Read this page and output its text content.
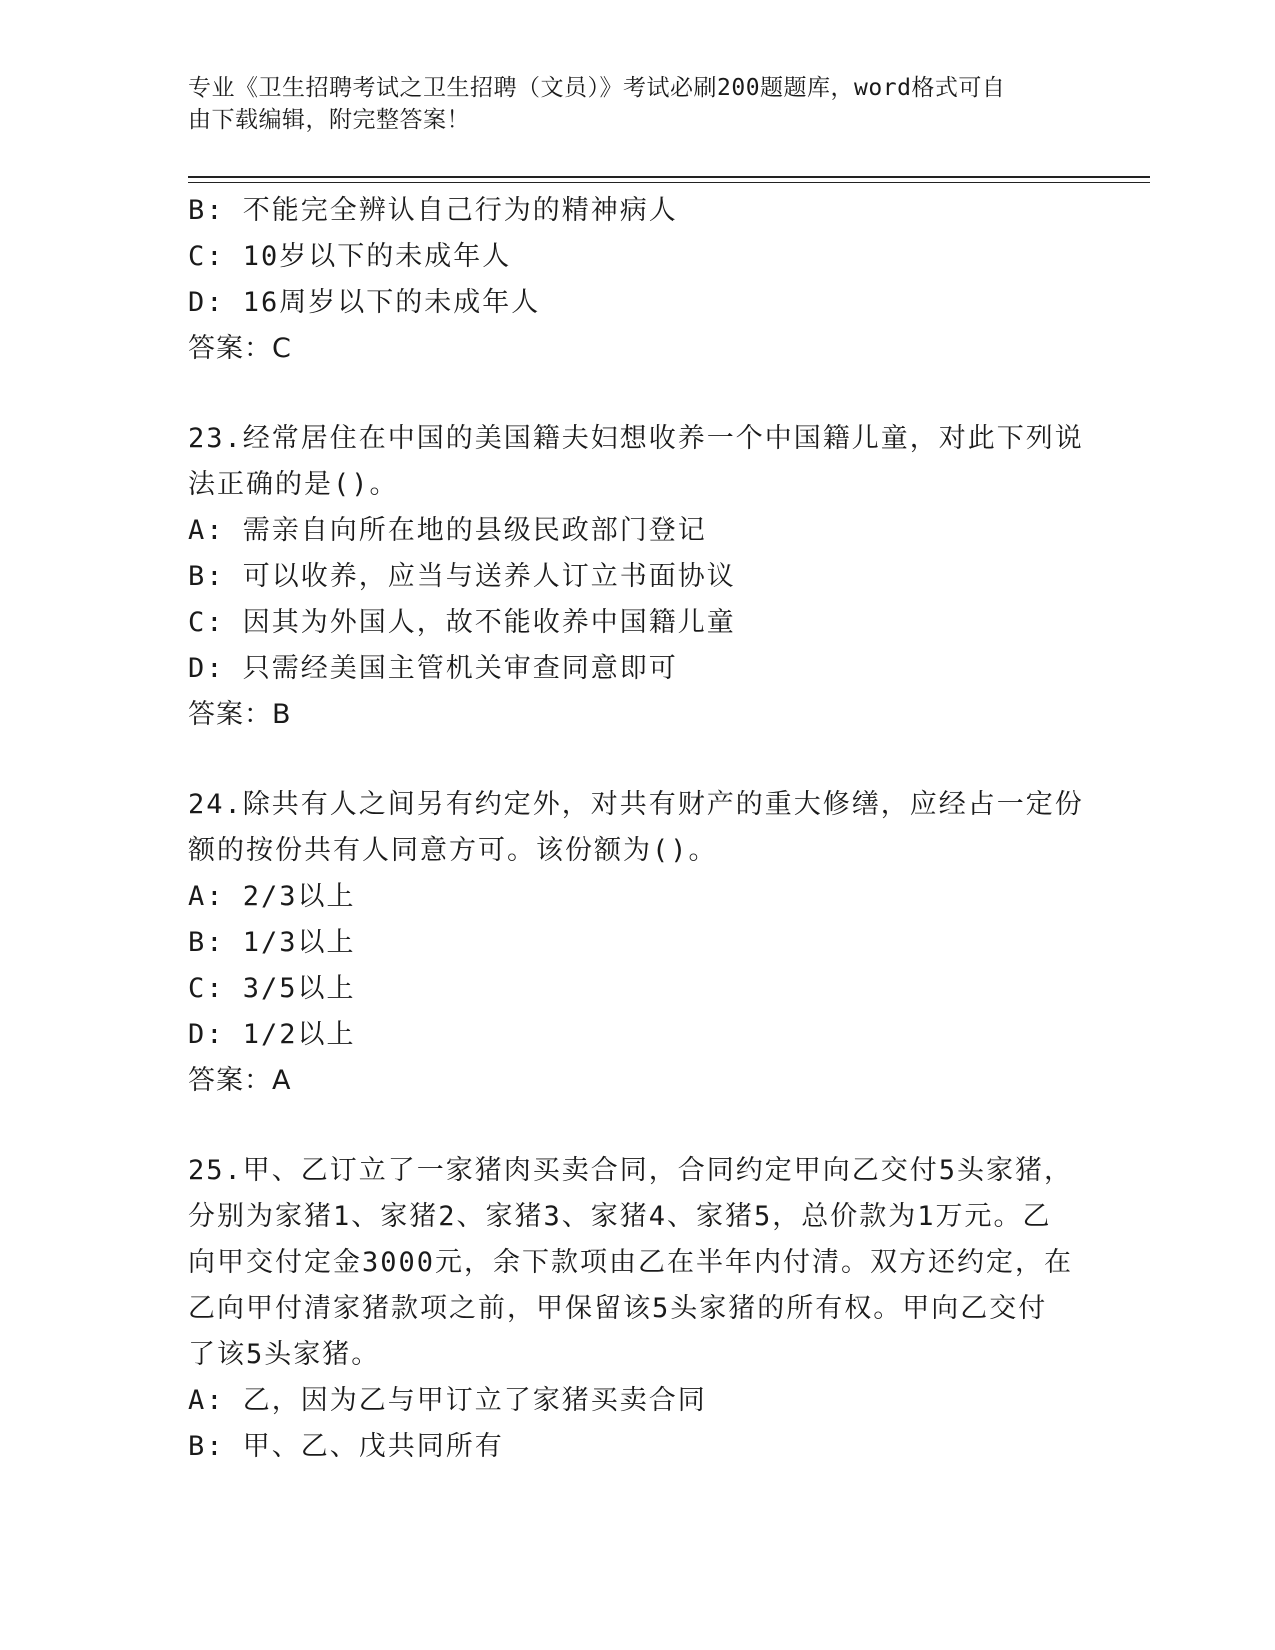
专业《卫生招聘考试之卫生招聘（文员）》考试必刷200题题库，word格式可自
由下载编辑，附完整答案！
B: 不能完全辨认自己行为的精神病人
C: 10岁以下的未成年人
D: 16周岁以下的未成年人
答案：C
23.经常居住在中国的美国籍夫妇想收养一个中国籍儿童，对此下列说
法正确的是()。
A: 需亲自向所在地的县级民政部门登记
B: 可以收养，应当与送养人订立书面协议
C: 因其为外国人，故不能收养中国籍儿童
D: 只需经美国主管机关审查同意即可
答案：B
24.除共有人之间另有约定外，对共有财产的重大修缮，应经占一定份
额的按份共有人同意方可。该份额为()。
A: 2/3以上
B: 1/3以上
C: 3/5以上
D: 1/2以上
答案：A
25.甲、乙订立了一家猪肉买卖合同，合同约定甲向乙交付5头家猪，
分别为家猪1、家猪2、家猪3、家猪4、家猪5，总价款为1万元。乙
向甲交付定金3000元，余下款项由乙在半年内付清。双方还约定，在
乙向甲付清家猪款项之前，甲保留该5头家猪的所有权。甲向乙交付
了该5头家猪。
A: 乙，因为乙与甲订立了家猪买卖合同
B: 甲、乙、戊共同所有
